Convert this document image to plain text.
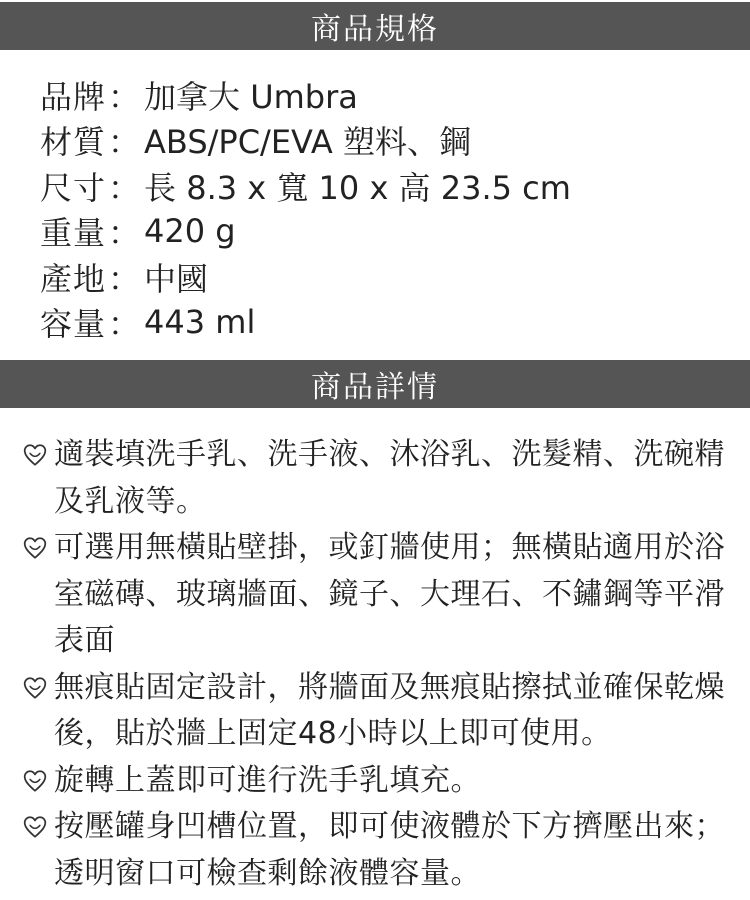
商品規格
品牌 ： 加拿大 Umbra
材質 ： ABS/PC/EVA 塑料、鋼
尺寸 ： 長 8.3 x 寬 10 x 高 23.5 cm
重量 ： 420 g
產地 ： 中國
容量 ： 443 ml
商品詳情
適裝填洗手乳、洗手液、沐浴乳、洗髮精、洗碗精及乳液等。
可選用無橫貼壁掛，或釘牆使用；無橫貼適用於浴室磁磚、玻璃牆面、鏡子、大理石、不鏽鋼等平滑表面
無痕貼固定設計，將牆面及無痕貼擦拭並確保乾燥後，貼於牆上固定48小時以上即可使用。
旋轉上蓋即可進行洗手乳填充。
按壓罐身凹槽位置，即可使液體於下方擠壓出來；透明窗口可檢查剩餘液體容量。
